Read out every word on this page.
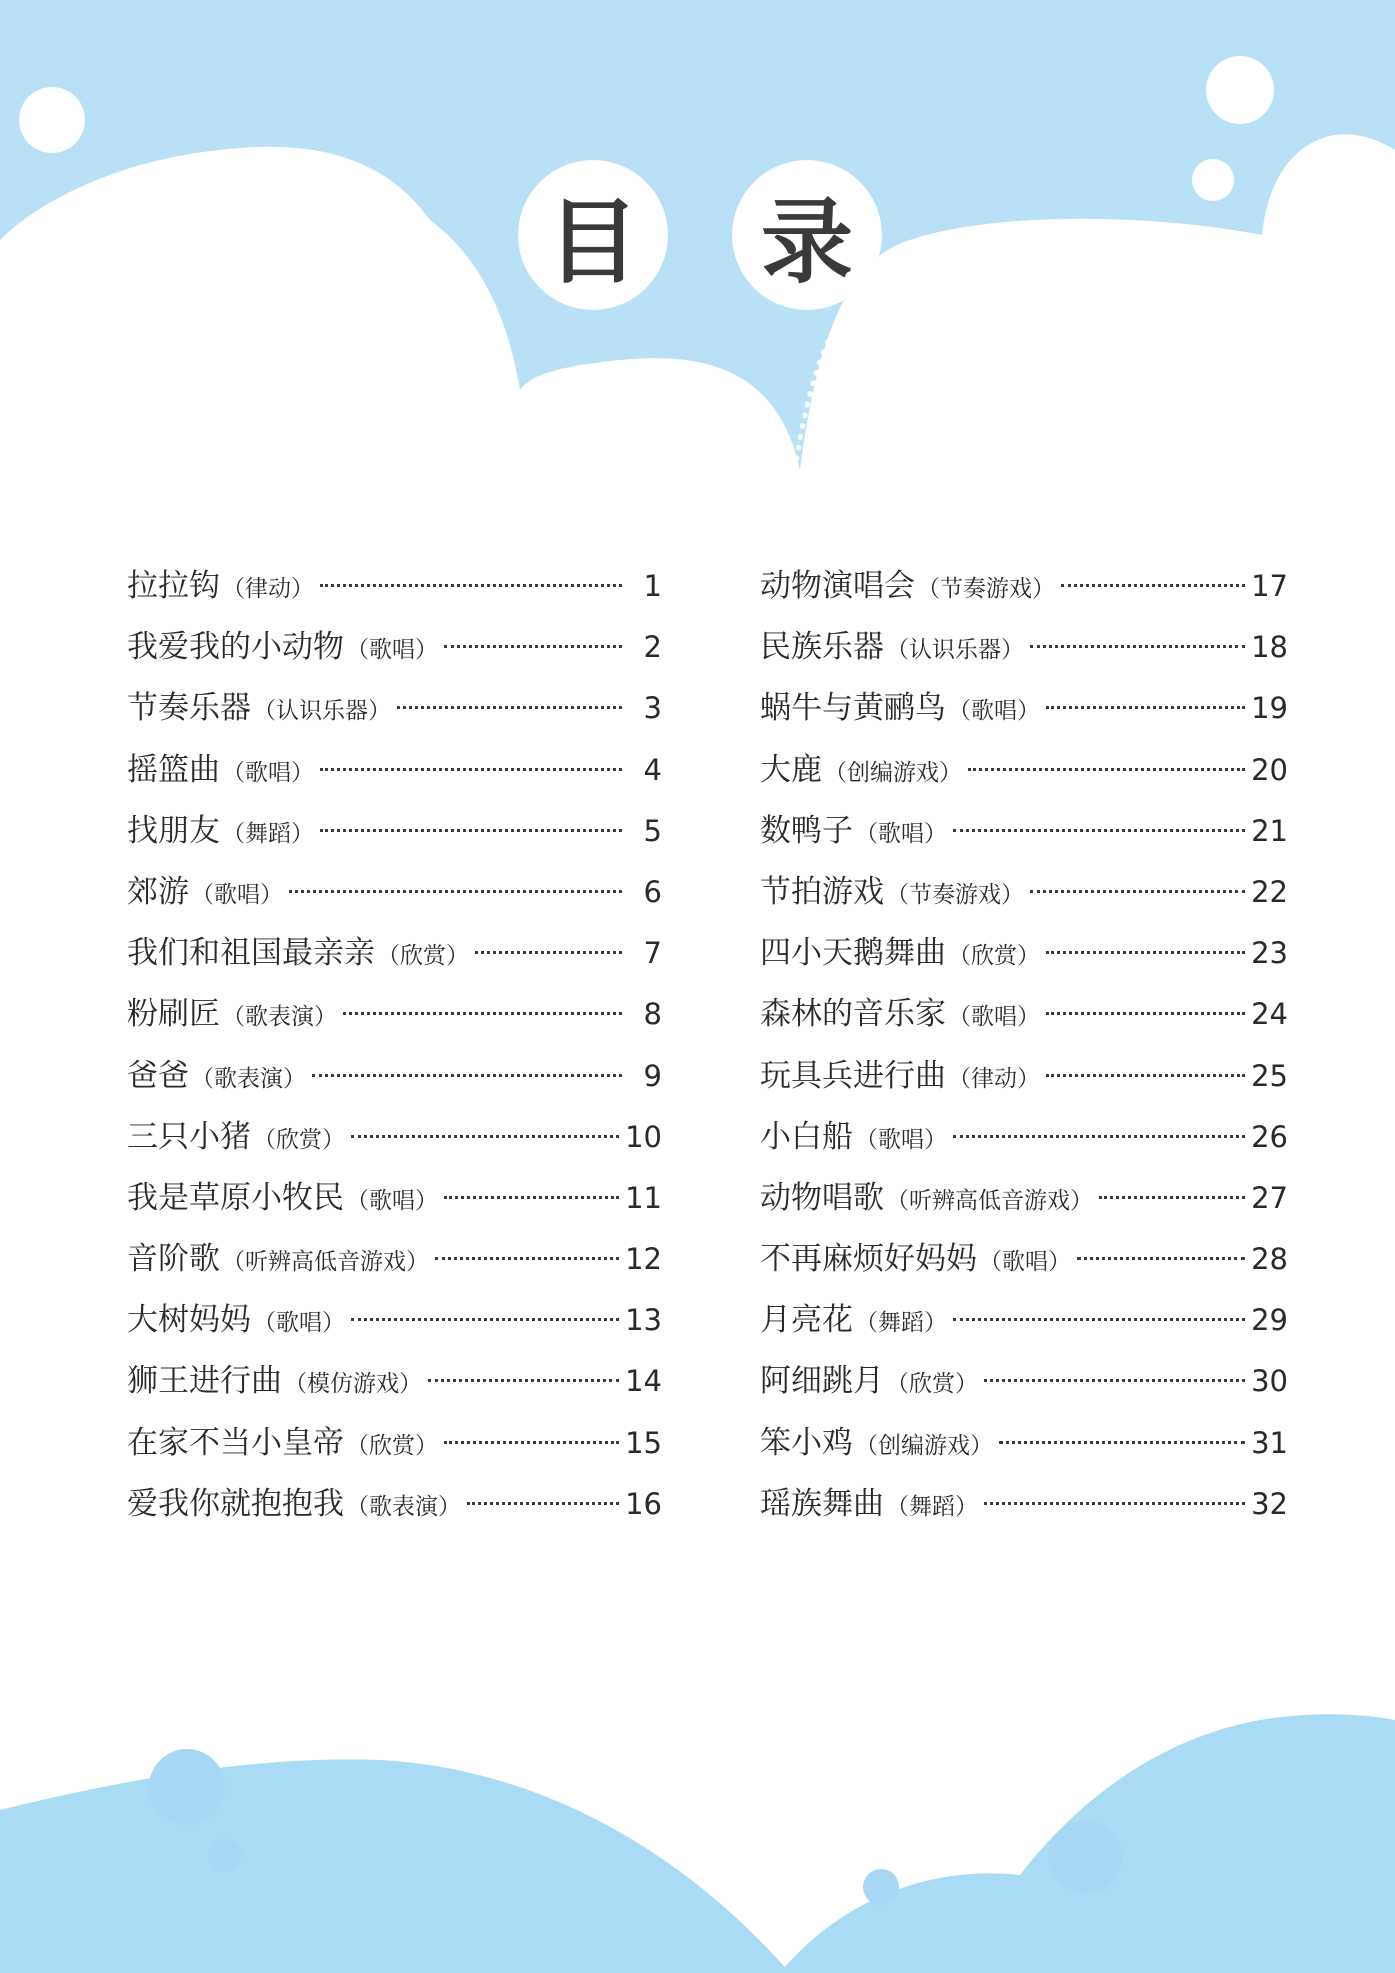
目	录
拉拉钩 （律动）	1
我爱我的小动物 （歌唱）	2
节奏乐器 （认识乐器）	3
摇篮曲 （歌唱）	4
找朋友 （舞蹈）	5
郊游 （歌唱）	6
我们和祖国最亲亲 （欣赏）	7
粉刷匠 （歌表演）	8
爸爸 （歌表演）	9
三只小猪 （欣赏）	10
我是草原小牧民 （歌唱）	11
音阶歌 （听辨高低音游戏）	12
大树妈妈 （歌唱）	13
狮王进行曲 （模仿游戏）	14
在家不当小皇帝 （欣赏）	15
爱我你就抱抱我 （歌表演）	16
动物演唱会 （节奏游戏）	17
民族乐器 （认识乐器）	18
蜗牛与黄鹂鸟 （歌唱）	19
大鹿 （创编游戏）	20
数鸭子 （歌唱）	21
节拍游戏 （节奏游戏）	22
四小天鹅舞曲 （欣赏）	23
森林的音乐家 （歌唱）	24
玩具兵进行曲 （律动）	25
小白船 （歌唱）	26
动物唱歌 （听辨高低音游戏）	27
不再麻烦好妈妈 （歌唱）	28
月亮花 （舞蹈）	29
阿细跳月 （欣赏）	30
笨小鸡 （创编游戏）	31
瑶族舞曲 （舞蹈）	32
